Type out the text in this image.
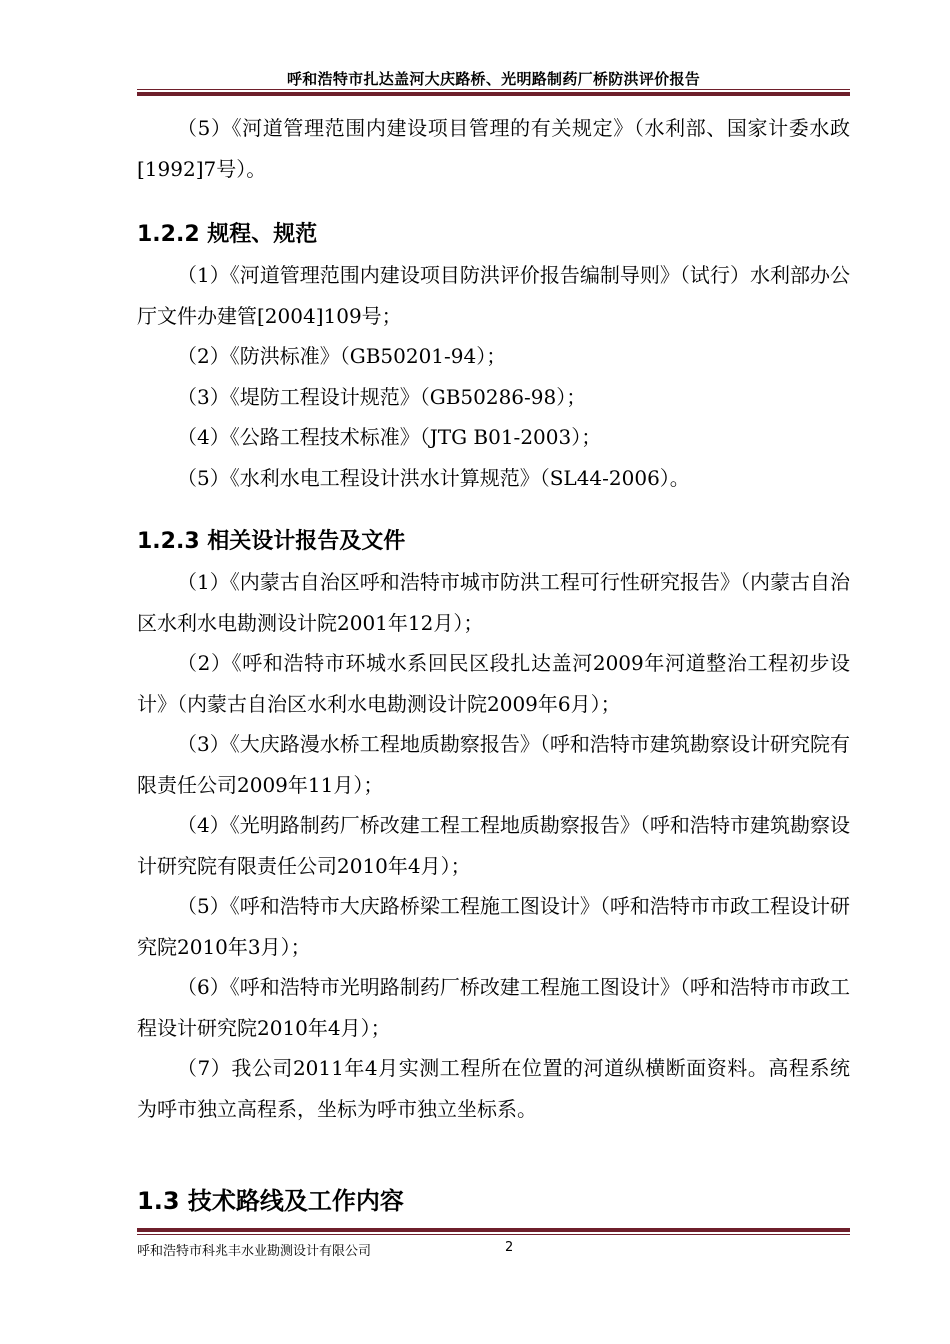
呼和浩特市扎达盖河大庆路桥、光明路制药厂桥防洪评价报告

（5）《河道管理范围内建设项目管理的有关规定》（水利部、国家计委水政[1992]7号）。

1.2.2 规程、规范

（1）《河道管理范围内建设项目防洪评价报告编制导则》（试行）水利部办公厅文件办建管[2004]109号；

（2）《防洪标准》（GB50201-94）；

（3）《堤防工程设计规范》（GB50286-98）；

（4）《公路工程技术标准》（JTG B01-2003）；

（5）《水利水电工程设计洪水计算规范》（SL44-2006）。

1.2.3 相关设计报告及文件

（1）《内蒙古自治区呼和浩特市城市防洪工程可行性研究报告》（内蒙古自治区水利水电勘测设计院2001年12月）；

（2）《呼和浩特市环城水系回民区段扎达盖河2009年河道整治工程初步设计》（内蒙古自治区水利水电勘测设计院2009年6月）；

（3）《大庆路漫水桥工程地质勘察报告》（呼和浩特市建筑勘察设计研究院有限责任公司2009年11月）；

（4）《光明路制药厂桥改建工程工程地质勘察报告》（呼和浩特市建筑勘察设计研究院有限责任公司2010年4月）；

（5）《呼和浩特市大庆路桥梁工程施工图设计》（呼和浩特市市政工程设计研究院2010年3月）；

（6）《呼和浩特市光明路制药厂桥改建工程施工图设计》（呼和浩特市市政工程设计研究院2010年4月）；

（7）我公司2011年4月实测工程所在位置的河道纵横断面资料。高程系统为呼市独立高程系，坐标为呼市独立坐标系。

1.3 技术路线及工作内容
呼和浩特市科兆丰水业勘测设计有限公司	2
